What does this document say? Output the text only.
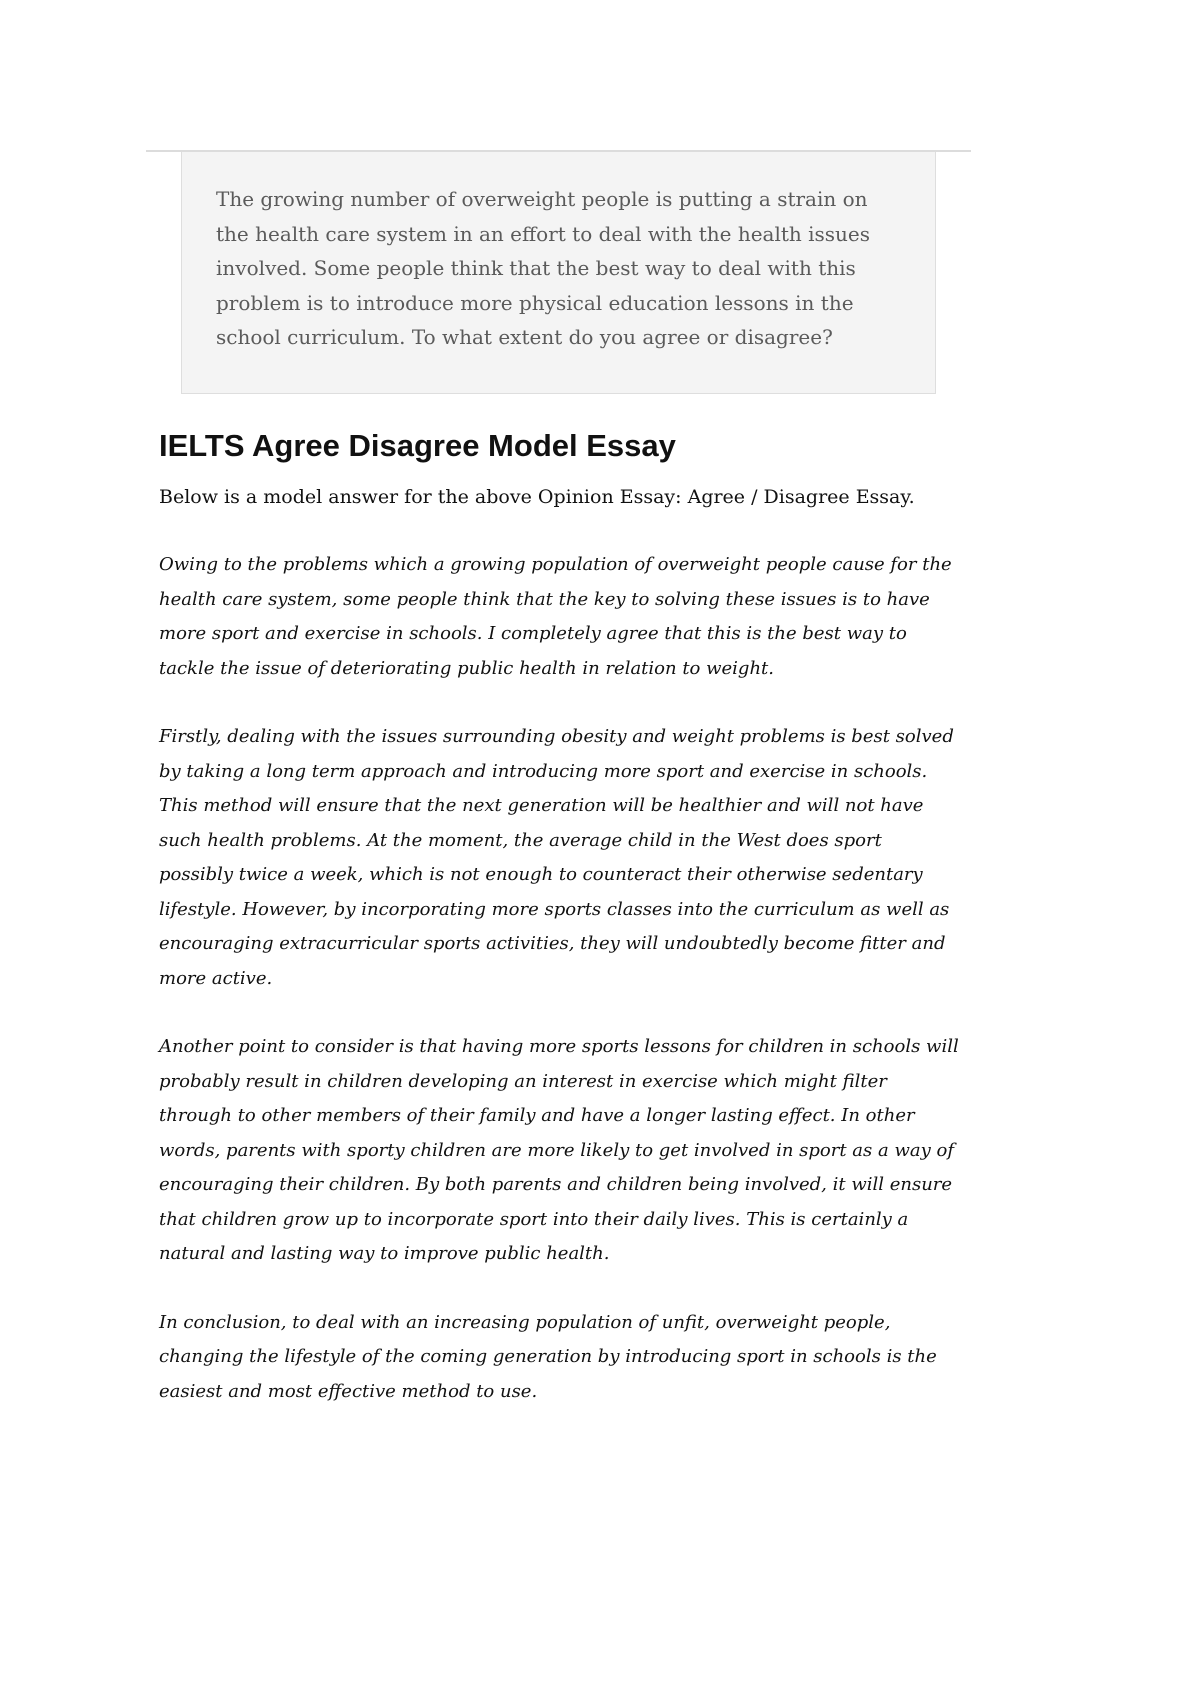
The growing number of overweight people is putting a strain on the health care system in an effort to deal with the health issues involved. Some people think that the best way to deal with this problem is to introduce more physical education lessons in the school curriculum. To what extent do you agree or disagree?

IELTS Agree Disagree Model Essay

Below is a model answer for the above Opinion Essay: Agree / Disagree Essay.

Owing to the problems which a growing population of overweight people cause for the health care system, some people think that the key to solving these issues is to have more sport and exercise in schools. I completely agree that this is the best way to tackle the issue of deteriorating public health in relation to weight.

Firstly, dealing with the issues surrounding obesity and weight problems is best solved by taking a long term approach and introducing more sport and exercise in schools. This method will ensure that the next generation will be healthier and will not have such health problems. At the moment, the average child in the West does sport possibly twice a week, which is not enough to counteract their otherwise sedentary lifestyle. However, by incorporating more sports classes into the curriculum as well as encouraging extracurricular sports activities, they will undoubtedly become fitter and more active.

Another point to consider is that having more sports lessons for children in schools will probably result in children developing an interest in exercise which might filter through to other members of their family and have a longer lasting effect. In other words, parents with sporty children are more likely to get involved in sport as a way of encouraging their children. By both parents and children being involved, it will ensure that children grow up to incorporate sport into their daily lives. This is certainly a natural and lasting way to improve public health.

In conclusion, to deal with an increasing population of unfit, overweight people, changing the lifestyle of the coming generation by introducing sport in schools is the easiest and most effective method to use.
